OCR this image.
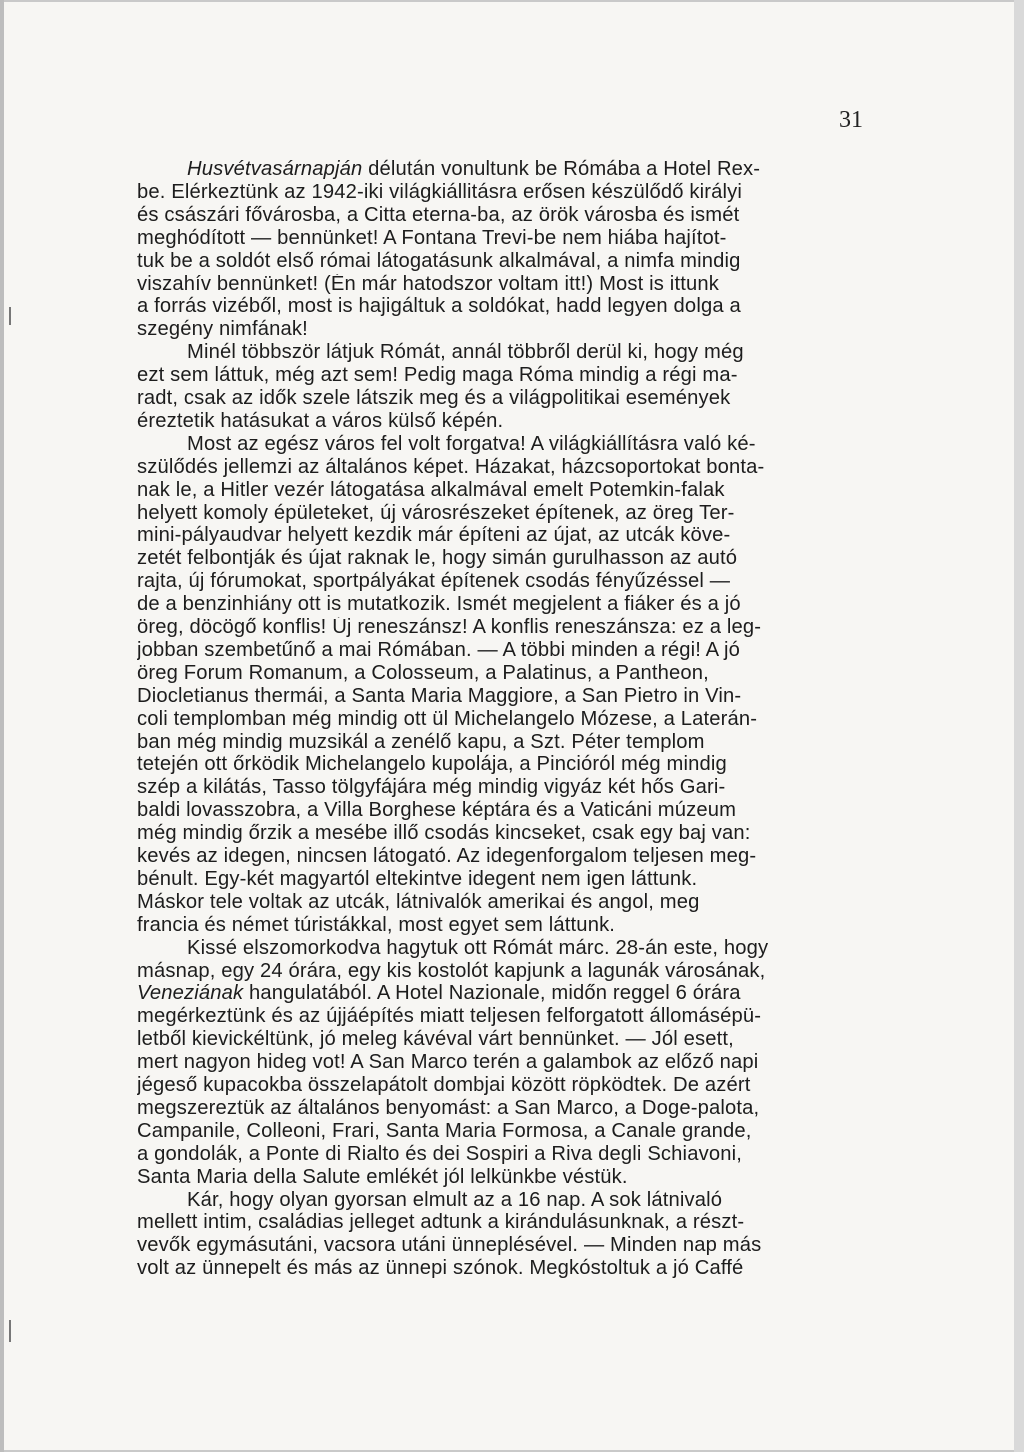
31
Husvétvasárnapján délután vonultunk be Rómába a Hotel Rex-
be. Elérkeztünk az 1942-iki világkiállitásra erősen készülődő királyi
és császári fővárosba, a Citta eterna-ba, az örök városba és ismét
meghódított — bennünket! A Fontana Trevi-be nem hiába hajítot-
tuk be a soldót első római látogatásunk alkalmával, a nimfa mindig
viszahív bennünket! (Én már hatodszor voltam itt!) Most is ittunk
a forrás vizéből, most is hajigáltuk a soldókat, hadd legyen dolga a
szegény nimfának!
Minél többször látjuk Rómát, annál többről derül ki, hogy még
ezt sem láttuk, még azt sem! Pedig maga Róma mindig a régi ma-
radt, csak az idők szele látszik meg és a világpolitikai események
éreztetik hatásukat a város külső képén.
Most az egész város fel volt forgatva! A világkiállításra való ké-
szülődés jellemzi az általános képet. Házakat, házcsoportokat bonta-
nak le, a Hitler vezér látogatása alkalmával emelt Potemkin-falak
helyett komoly épületeket, új városrészeket építenek, az öreg Ter-
mini-pályaudvar helyett kezdik már építeni az újat, az utcák köve-
zetét felbontják és újat raknak le, hogy simán gurulhasson az autó
rajta, új fórumokat, sportpályákat építenek csodás fényűzéssel —
de a benzinhiány ott is mutatkozik. Ismét megjelent a fiáker és a jó
öreg, döcögő konflis! Új reneszánsz! A konflis reneszánsza: ez a leg-
jobban szembetűnő a mai Rómában. — A többi minden a régi! A jó
öreg Forum Romanum, a Colosseum, a Palatinus, a Pantheon,
Diocletianus thermái, a Santa Maria Maggiore, a San Pietro in Vin-
coli templomban még mindig ott ül Michelangelo Mózese, a Laterán-
ban még mindig muzsikál a zenélő kapu, a Szt. Péter templom
tetején ott őrködik Michelangelo kupolája, a Pincióról még mindig
szép a kilátás, Tasso tölgyfájára még mindig vigyáz két hős Gari-
baldi lovasszobra, a Villa Borghese képtára és a Vaticáni múzeum
még mindig őrzik a mesébe illő csodás kincseket, csak egy baj van:
kevés az idegen, nincsen látogató. Az idegenforgalom teljesen meg-
bénult. Egy-két magyartól eltekintve idegent nem igen láttunk.
Máskor tele voltak az utcák, látnivalók amerikai és angol, meg
francia és német túristákkal, most egyet sem láttunk.
Kissé elszomorkodva hagytuk ott Rómát márc. 28-án este, hogy
másnap, egy 24 órára, egy kis kostolót kapjunk a lagunák városának,
Veneziának hangulatából. A Hotel Nazionale, midőn reggel 6 órára
megérkeztünk és az újjáépítés miatt teljesen felforgatott állomásépü-
letből kievickéltünk, jó meleg kávéval várt bennünket. — Jól esett,
mert nagyon hideg vot! A San Marco terén a galambok az előző napi
jégeső kupacokba összelapátolt dombjai között röpködtek. De azért
megszereztük az általános benyomást: a San Marco, a Doge-palota,
Campanile, Colleoni, Frari, Santa Maria Formosa, a Canale grande,
a gondolák, a Ponte di Rialto és dei Sospiri a Riva degli Schiavoni,
Santa Maria della Salute emlékét jól lelkünkbe véstük.
Kár, hogy olyan gyorsan elmult az a 16 nap. A sok látnivaló
mellett intim, családias jelleget adtunk a kirándulásunknak, a részt-
vevők egymásutáni, vacsora utáni ünneplésével. — Minden nap más
volt az ünnepelt és más az ünnepi szónok. Megkóstoltuk a jó Caffé
